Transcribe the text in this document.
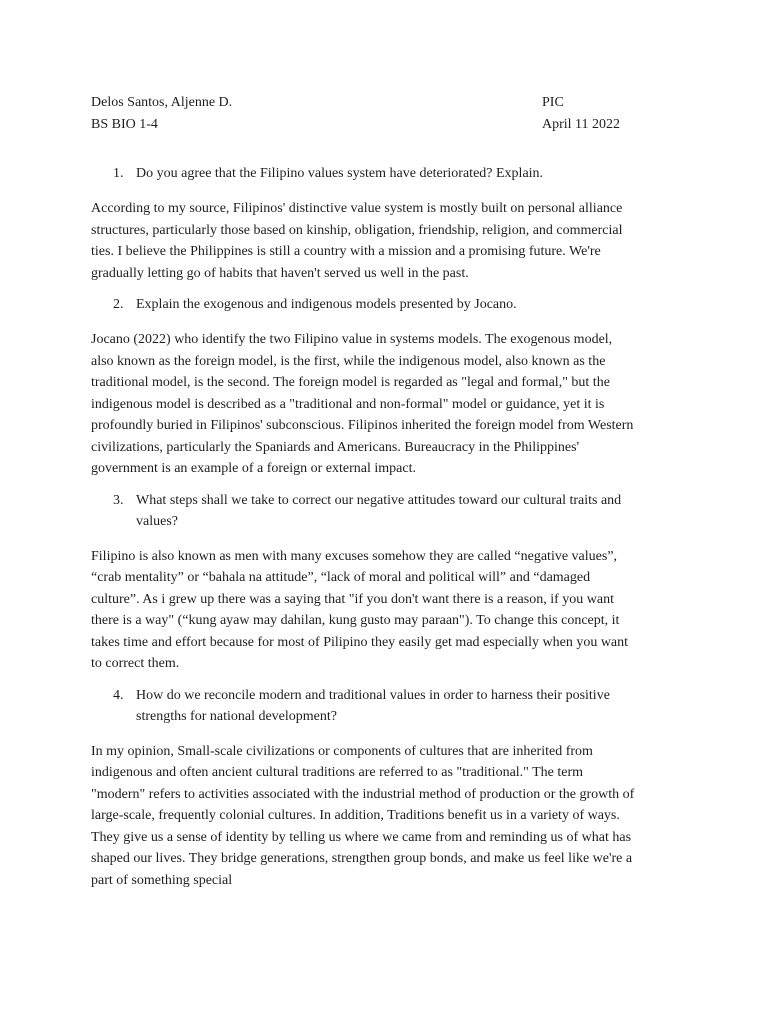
Delos Santos, Aljenne D.	PIC
BS BIO 1-4	April 11 2022
1. Do you agree that the Filipino values system have deteriorated? Explain.
According to my source, Filipinos' distinctive value system is mostly built on personal alliance
structures, particularly those based on kinship, obligation, friendship, religion, and commercial
ties. I believe the Philippines is still a country with a mission and a promising future. We're
gradually letting go of habits that haven't served us well in the past.
2. Explain the exogenous and indigenous models presented by Jocano.
Jocano (2022) who identify the two Filipino value in systems models. The exogenous model,
also known as the foreign model, is the first, while the indigenous model, also known as the
traditional model, is the second. The foreign model is regarded as "legal and formal," but the
indigenous model is described as a "traditional and non-formal" model or guidance, yet it is
profoundly buried in Filipinos' subconscious. Filipinos inherited the foreign model from Western
civilizations, particularly the Spaniards and Americans. Bureaucracy in the Philippines'
government is an example of a foreign or external impact.
3. What steps shall we take to correct our negative attitudes toward our cultural traits and
values?
Filipino is also known as men with many excuses somehow they are called “negative values”,
“crab mentality” or “bahala na attitude”, “lack of moral and political will” and “damaged
culture”. As i grew up there was a saying that "if you don't want there is a reason, if you want
there is a way" (“kung ayaw may dahilan, kung gusto may paraan"). To change this concept, it
takes time and effort because for most of Pilipino they easily get mad especially when you want
to correct them.
4. How do we reconcile modern and traditional values in order to harness their positive
strengths for national development?
In my opinion, Small-scale civilizations or components of cultures that are inherited from
indigenous and often ancient cultural traditions are referred to as "traditional." The term
"modern" refers to activities associated with the industrial method of production or the growth of
large-scale, frequently colonial cultures. In addition, Traditions benefit us in a variety of ways.
They give us a sense of identity by telling us where we came from and reminding us of what has
shaped our lives. They bridge generations, strengthen group bonds, and make us feel like we're a
part of something special
